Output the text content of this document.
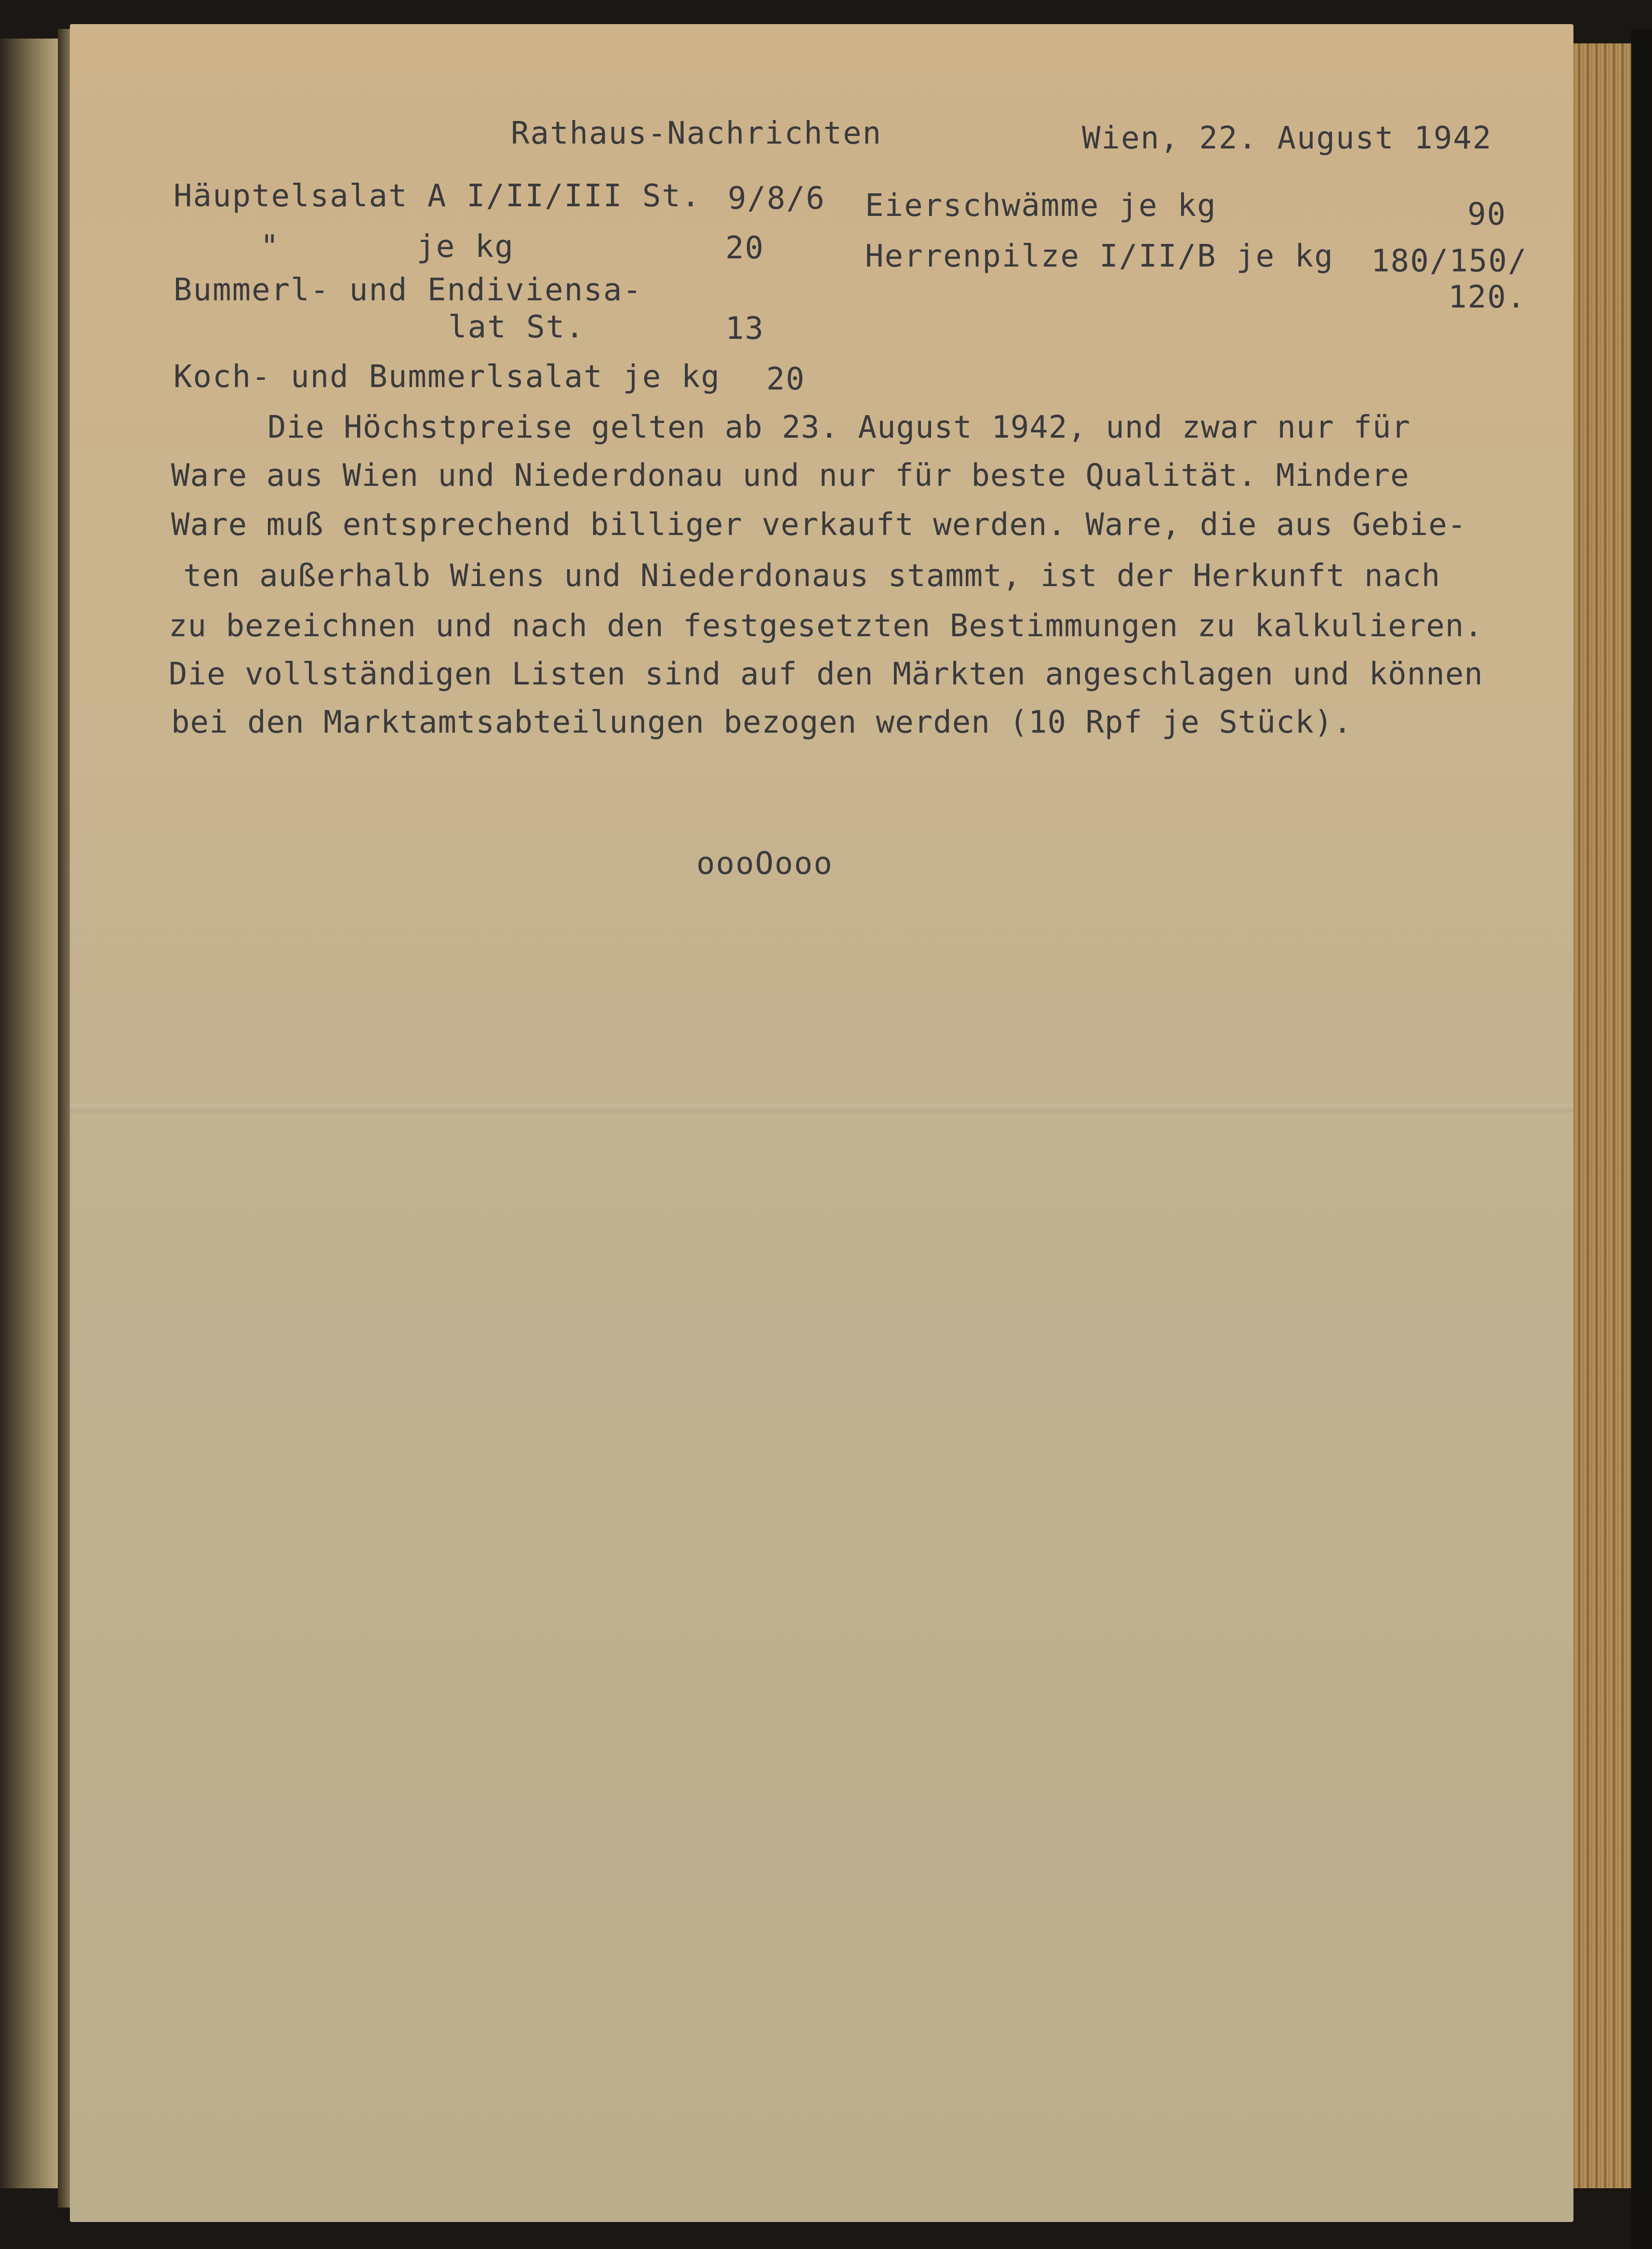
Rathaus-Nachrichten	Wien, 22. August 1942
Häuptelsalat A I/II/III St. 9/8/6
"       je kg	20
Bummerl- und Endiviensa-
lat St.	13
Koch- und Bummerlsalat je kg 20
Eierschwämme je kg	90
Herrenpilze I/II/B je kg 180/150/
120.
Die Höchstpreise gelten ab 23. August 1942, und zwar nur für
Ware aus Wien und Niederdonau und nur für beste Qualität. Mindere
Ware muß entsprechend billiger verkauft werden. Ware, die aus Gebie-
ten außerhalb Wiens und Niederdonaus stammt, ist der Herkunft nach
zu bezeichnen und nach den festgesetzten Bestimmungen zu kalkulieren.
Die vollständigen Listen sind auf den Märkten angeschlagen und können
bei den Marktamtsabteilungen bezogen werden (10 Rpf je Stück).
oooOooo
